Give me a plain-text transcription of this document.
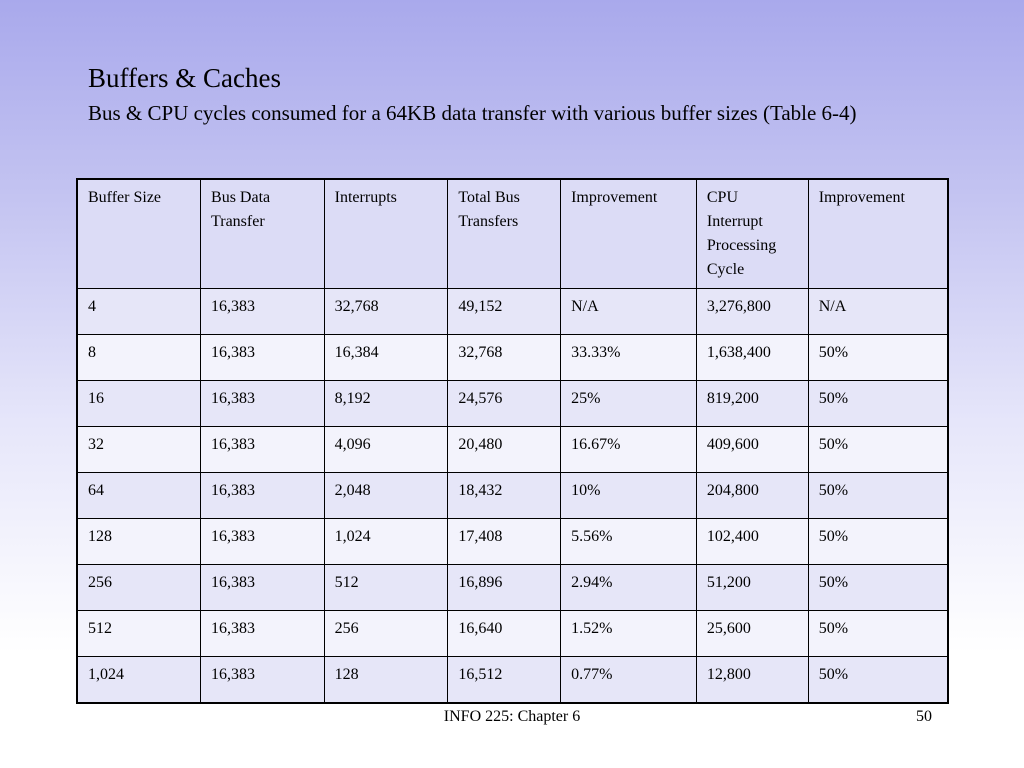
Buffers & Caches

Bus & CPU cycles consumed for a 64KB data transfer with various buffer sizes (Table 6-4)

Buffer Size	Bus Data Transfer	Interrupts	Total Bus Transfers	Improvement	CPU Interrupt Processing Cycle	Improvement
4	16,383	32,768	49,152	N/A	3,276,800	N/A
8	16,383	16,384	32,768	33.33%	1,638,400	50%
16	16,383	8,192	24,576	25%	819,200	50%
32	16,383	4,096	20,480	16.67%	409,600	50%
64	16,383	2,048	18,432	10%	204,800	50%
128	16,383	1,024	17,408	5.56%	102,400	50%
256	16,383	512	16,896	2.94%	51,200	50%
512	16,383	256	16,640	1.52%	25,600	50%
1,024	16,383	128	16,512	0.77%	12,800	50%
INFO 225: Chapter 6	50
